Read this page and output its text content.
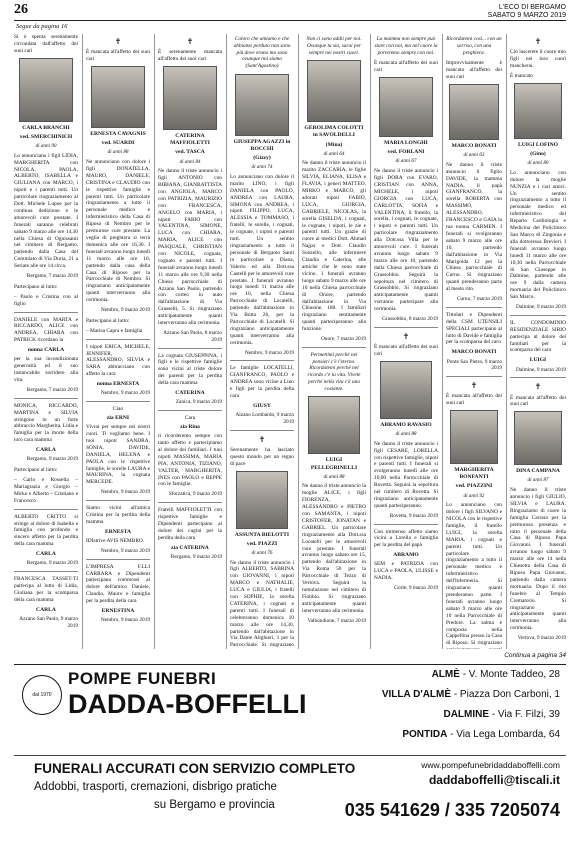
26	L'ECO DI BERGAMO
SABATO 9 MARZO 2019
Segue da pagina 16

Si è spenta serenamente circondata dall'affetto dei suoi cari

CARLA BRANCHI
ved. SMERCHINICH
di anni 90

Lo annunciano i figli LIDIA, MARGHERITA con NICOLA, PAOLA, ALBERTO, ISABELLA e GIULIANA con MARCO, i nipoti e i parenti tutti. Un particolare ringraziamento al Dott. Michele Lupoe per la continua dedizione e le amorevoli cure prestate. I funerali saranno celebrati sabato 9 marzo alle ore 14,30 nella Chiesa di Ognissanti nel cimitero di Bergamo, partendo dalla Casa del Commiato di Via Duria, 21 a Seriate alle ore 14 circa.

Bergamo, 7 marzo 2019

Partecipano al lutto:

– Paolo e Cristina con al figlio

DANIELE con MARTA e RICCARDO, ALICE con ANDREA, CHIARA con PATRICK ricordano la

nonna CARLA

per la sua incondizionata generosità ed il suo instancabile sorridere alla vita.

Bergamo, 7 marzo 2019

MONICA, RICCARDO, MARTINA e SILVIA stringono in un forte abbraccio Margherita, Lidia e famiglia per la morte della loro cara mamma

CARLA
Bergamo, 9 marzo 2019

Partecipano al lutto:

– Carlo e Rossella – Mariagrazia e Giorgio – Mirko e Alberto – Cristiano e Francesco

ALBERTO CRITTO si stringe al dolore di Isabella e famiglia con profondo e sincero affetto per la perdita della cara mamma

CARLA
Bergamo, 9 marzo 2019

FRANCESCA TASSET-TI partecipa al lutto di Lidia, Giuliana per la scomparsa della cara mamma

CARLA
Azzano San Paolo, 9 marzo 2019
✝

È mancata all'affetto dei suoi cari

ERNESTA CAVAGNIS
ved. SUARDI
di anni 88

Ne annunciano con dolore i figli DONATELLA, MAURO, DANIELE, CRISTINA e CLAUDIO con le rispettive famiglie e parenti tutti. Un particolare ringraziamento a tutto il personale medico e infermieristico della Casa di Riposo di Nembro per le premurose cure prestate. La veglia di preghiera si terrà domenica alle ore 16,30. I funerali avranno luogo lunedì 11 marzo alle ore 10, partendo dalla casa della Casa di Riposo per la Parrocchiale di Nembro. Si ringraziano anticipatamente quanti interverranno alla cerimonia.

Nembro, 9 marzo 2019

Partecipano al lutto:

– Marisa Capra e famiglia

I nipoti ERICA, MICHELE, JENNIFER, ALESSANDRO, SILVIA e SARA abbracciano con affetto la cara

nonna ERNESTA
Nembro, 9 marzo 2019
Ciao
zia ERNI

Vivrai per sempre nei nostri cuori. Ti vogliamo bene. I tuoi nipoti SANDRA, SONIA, DAVIDE, DANIELA, HELENA e PAOLA con le rispettive famiglie, le sorelle LAURA e MAURINA, la cognata MERCEDE.

Nembro, 9 marzo 2019

Siamo vicini all'amica Cristina per la perdita della mamma

ERNESTA

IDIstrive AVIS NEMBRO.

Nembro, 9 marzo 2019

L'IMPRESA F.LLI CARRARA e Dipendenti partecipano commossi al dolore dell'amico Daniele, Claudio, Mauro e famiglia per la perdita della cara

ERNESTINA
Nembro, 9 marzo 2019
✝

È serenamente mancata all'affetto dei suoi cari

CATERINA MAFFIOLETTI
ved. TASCA
di anni 84

Ne danno il triste annuncio i figli ANTONIO con BIBIANA, GIANBATTISTA con ANGIOLA, MARCO con PATRIZIA, MAURIZIO con FRANCESCA, ANGELO con MARIA, i nipoti FABIO con VALENTINA, SIMONE, LUCA con CHIARA, MARIA, ALICE con PASQUALE, CHRISTIAN con NICOLE, cognata, cognato e parenti tutti. I funerali avranno luogo lunedì 11 marzo alle ore 9,30 nella Chiesa parrocchiale di Azzano San Paolo, partendo con corteo in auto dall'abitazione di Via Grasselli, 5. Si ringraziano anticipatamente quanti interverranno alla cerimonia.

Azzano San Paolo, 8 marzo 2019

La cognata GIUSEPPINA, i figli e le rispettive famiglie sono vicini al triste dolore dei parenti per la perdita della cara mamma

CATERINA
Zanica, 9 marzo 2019
Cara
zia Rina

ti ricorderemo sempre con tanto affetto e partecipiamo al dolore dei familiari. I tuoi nipoti MASSIMA, MARIA PIA, ANTONIA, TIZIANO, VALTER, MARGHERITA, INES con PAOLO e BEPPE con le famiglie.

Sforzatica, 9 marzo 2019

Fratelli MAFFIOLETTI con rispettive famiglie e Dipendenti partecipano al dolore dei cugini per la perdita della cara

zia CATERINA
Bergamo, 9 marzo 2019
Coloro che amiamo e che abbiamo perduto non sono più dove erano ma sono ovunque noi siamo (Sant'Agostino)
GIUSEPPA AGAZZI in ROCCHI
(Gizzy)
di anni 74

Lo annunciano con dolore il marito LINO, i figli DANIELA con PAOLO, ANDREA con LAURA, SIMONA con ANDREA, i nipoti FILIPPO, LUCA, ALESSIA e TOMMASO, i fratelli, le sorelle, i cognati, le cognate, i nipoti e parenti tutti. Un sentito ringraziamento a tutto il personale di Bergamo Santi in particolare a Diana, Valerio ed alla Dott.ssa Castelli per le amorevoli cure prestate. I funerali avranno luogo lunedì 11 marzo alle ore 10, nella Chiesa Parrocchiale di Locatelli, partendo dall'abitazione in Via Botta 26, per la Parrocchiale di Locatelli. Si ringraziano anticipatamente quanti interverranno alla cerimonia.

Nembro, 9 marzo 2019

Le famiglie LOCATELLI, GIANFRANCO, PAOLO e ANDREA sono vicine a Lino e figli per la perdita della cara

GIUSY
Alzano Lombardo, 9 marzo 2019
✝

Serenamente ha lasciato questo mondo per un regno di pace

ASSUNTA BIELOTTI
ved. PIAZZI
di anni 76

Ne danno il triste annuncio i figli ALBERTO, SABRINA con GIOVANNI, i nipoti MARCO e NATHALIE, LUCA e GIULIA, i fratelli con SOPHIE, la sorella CATERINA, i cognati e parenti tutti. I funerali di celebreranno domenica 10 marzo alle ore 14,30, partendo dall'abitazione in Via Dante Alighieri, 1 per la Parrocchiale. Si ringraziano

Non ci sono addii per noi. Ovunque tu sia, sarai per sempre nei nostri cuori.
GEROLIMA COLOTTI in SAVOLDELLI
(Mina)
di anni 64

Ne danno il triste annuncio il marito ZACCARIA, le figlie SILVIA, ELIANA, ELISA e FLAVIA, i generi MATTEO, MIRKO e MARCO, gli adorati nipoti FABIO, LUCA, GIORGIA, GABRIELE, NICOLAS, la sorella GISELDA, i cognati, le cognate, i nipoti, le zie e parenti tutti. Un grazie di cuore ai medici Dott. Ahmad Najjar e Dott. Claudio Sonzello, alle infermiere Claudia e Caterina, alle amiche che le sono state vicino. I funerali avranno luogo sabato 9 marzo alle ore 10 nella Chiesa parrocchiale di Onore, partendo dall'abitazione in Via Chiusine, 108. I familiari ringraziano sentitamente quanti parteciperanno alla funzione.

Onore, 7 marzo 2019
Permettimi perché nei pensieri c'è l'eterno. Ricordatemi perché nel ricordo c'è la vita. Vivete perché nella vita c'è una costante.
LUIGI PELLEGRINELLI
di anni 88

Ne danno il triste annuncio la moglie ALICE, i figli FIORENZA, ALESSANDRO e PIETRO con SAMANTA, i nipoti CRISTOFER, JONATAN e GABRIEL. Un particolare ringraziamento alla Dott.ssa Locatelli per le amorevoli cure prestate. I funerali avranno luogo sabato ore 15, partendo dall'abitazione in Via Roma 50 per la Parrocchiale di Tezzo di Vertova. Seguirà la tumulazione nel cimitero di Fiobbio. Si ringraziano anticipatamente quanti interverranno alla cerimonia.

Valbondione, 7 marzo 2019
La mamma non sempre può stare con noi, ma nel cuore la porteremo sempre con noi.

È mancata all'affetto dei suoi cari

MARIA LONGHI
ved. FORLANI
di anni 67

Ne danno il triste annuncio i figli DORA con EVARO, CRISTIAN con ANNA, MICHELE, i nipoti GIORGIA con LUCA, CARLOTTA, SOFIA e VALENTINA, il fratello, la sorella, i cognati, le cognate, i nipoti e parenti tutti. Un particolare ringraziamento alla Dott.ssa Villa per le amorevoli cure. I funerali avranno luogo sabato 9 marzo alle ore 10, partendo dalla Chiesa parrocchiale di Grassobbio. Seguirà la sepoltura nel cimitero di Grassobbio. Si ringraziano anticipatamente quanti vorranno partecipare alla cerimonia.

Grassobbio, 8 marzo 2019
✝

È mancato all'affetto dei suoi cari

ABRAMO RAVASIO
di anni 88

Ne danno il triste annuncio i figli CESARE, LORELLA con rispettive famiglie, nipoti e parenti tutti. I funerali si svolgeranno lunedì alle ore 10,00 nella Parrocchiale di Rovetta. Seguirà la sepoltura nel cimitero di Rovetta. Si ringraziano anticipatamente quanti parteciperanno.

Rovetta, 9 marzo 2019

Con immenso affetto siamo vicini a Lorella e famiglia per la perdita del papà

ABRAMO

SEM e PATRIZIA con LUCA e PAOLA, ULISSE e NADIA.

Gorle, 9 marzo 2019
Ricordatemi così... con un sorriso, con una preghiera.

Improvvisamente è mancato all'affetto dei suoi cari

MARCO BONATI
di anni 63

Ne danno il triste annuncio il figlio DAVIDE, la mamma NADIA, il papà GIANFRANCO, la sorella ROBERTA con MASSIMO, ALESSANDRO, FRANCESCO e GAIA la tua nonna CARMEN. I funerali si svolgeranno sabato 9 marzo alle ore 10, partendo dall'abitazione in Via Marigolda 12 per la Chiesa parrocchiale di Curno. Si ringraziano quanti prenderanno parte al mesto rito.

Curno, 7 marzo 2019

Tittolari e Dipendenti della CSM UTENSILI SPECIALI partecipano al lutto di Davide e famiglia per la scomparsa del caro

MARCO BONATI
Ponte San Pietro, 9 marzo 2019
✝

È mancata all'affetto dei suoi cari

MARGHERITA BONFANTI
ved. PIAZZINI
di anni 92

Lo annunciano con dolore i figli SILVANO e NICOLA con le rispettive famiglie, il fratello LUIGI, la sorella MARIA, i cognati e parenti tutti. Un particolare ringraziamento a tutto il personale medico e infermieristico dell'Infermeria. Si ringraziano quanti prenderanno parte. I funerali avranno luogo sabato 9 marzo alle ore 10 nella Parrocchiale di Predore. La salma è composta nella Cappellina presso la Casa di Riposo. Si ringraziano

✝

Ciò lascerete il cuore mio figli nei loro cuori mancherai.

È mancato

LUIGI LOFINO
(Gino)
di anni 80

Lo annunciano con dolore la moglie NUNZIA e i cari amici. Un sentito ringraziamento a tutto il personale medico ed infermieristico del Reparto Cardiologia e Medicina del Policlinico San Marco di Zingonia e alla dottoressa Brevieri. I funerali avranno luogo lunedì 11 marzo alle ore 10,30 nella Parrocchiale di San Giuseppe in Dalmine, partendo alle ore 9 dalla camera mortuaria del Policlinico San Marco.

Dalmine, 9 marzo 2019

IL CONDOMINIO RESIDENZIALE SIRIO partecipa al dolore dei familiari per la scomparsa del caro

LUIGI
Dalmine, 9 marzo 2019
✝

È mancata all'affetto dei suoi cari

DINA CAMPANA
di anni 87

Ne danno il triste annuncio i figli GIULIO, SILVIA e LAURA. Ringraziamo di cuore la famiglia Carrara per la premurosa presenza e tutto il personale della Casa di Riposo Papa Giovanni. I funerali avranno luogo sabato 9 marzo alle ore 14 nella Chiesetta della Casa di Riposo Papa Giovanni, partendo dalla camera mortuaria. Dopo il rito funebre al Tempio Crematorio. Si ringraziano anticipatamente quanti interverranno alla cerimonia.

Vertova, 9 marzo 2019
Continua a pagina 34
dal 1970
POMPE FUNEBRI
DADDA-BOFFELLI
ALMÈ - V. Monte Taddeo, 28
VILLA D'ALMÈ - Piazza Don Carboni, 1
DALMINE - Via F. Filzi, 39
PONTIDA - Via Lega Lombarda, 64
FUNERALI ACCURATI CON SERVIZIO COMPLETO
Addobbi, trasporti, cremazioni, disbrigo pratiche
su Bergamo e provincia
www.pompefunebridaddaboffelli.com
daddaboffelli@tiscali.it
035 541629 / 335 7205074
